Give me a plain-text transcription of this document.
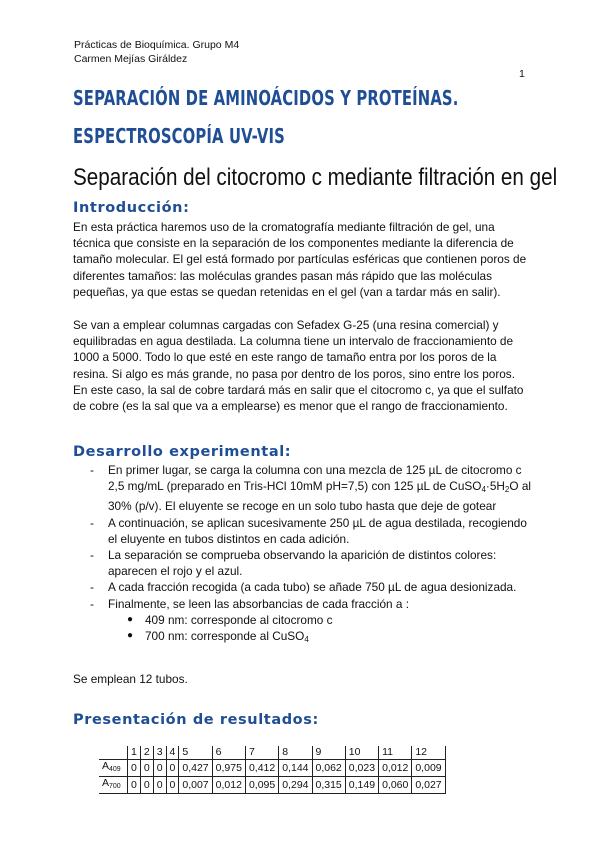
Prácticas de Bioquímica. Grupo M4
Carmen Mejías Giráldez
1
SEPARACIÓN DE AMINOÁCIDOS Y PROTEÍNAS.
ESPECTROSCOPÍA UV-VIS
Separación del citocromo c mediante filtración en gel
Introducción:

En esta práctica haremos uso de la cromatografía mediante filtración de gel, una técnica que consiste en la separación de los componentes mediante la diferencia de tamaño molecular. El gel está formado por partículas esféricas que contienen poros de diferentes tamaños: las moléculas grandes pasan más rápido que las moléculas pequeñas, ya que estas se quedan retenidas en el gel (van a tardar más en salir).

Se van a emplear columnas cargadas con Sefadex G-25 (una resina comercial) y equilibradas en agua destilada. La columna tiene un intervalo de fraccionamiento de 1000 a 5000. Todo lo que esté en este rango de tamaño entra por los poros de la resina. Si algo es más grande, no pasa por dentro de los poros, sino entre los poros. En este caso, la sal de cobre tardará más en salir que el citocromo c, ya que el sulfato de cobre (es la sal que va a emplearse) es menor que el rango de fraccionamiento.

Desarrollo experimental:
- En primer lugar, se carga la columna con una mezcla de 125 µL de citocromo c 2,5 mg/mL (preparado en Tris-HCl 10mM pH=7,5) con 125 µL de $CuSO_4\cdot 5H_2O$ al 30% (p/v). El eluyente se recoge en un solo tubo hasta que deje de gotear
- A continuación, se aplican sucesivamente 250 µL de agua destilada, recogiendo el eluyente en tubos distintos en cada adición.
- La separación se comprueba observando la aparición de distintos colores: aparecen el rojo y el azul.
- A cada fracción recogida (a cada tubo) se añade 750 µL de agua desionizada.
- Finalmente, se leen las absorbancias de cada fracción a :
● 409 nm: corresponde al citocromo c
● 700 nm: corresponde al CuSO$_4$
Se emplean 12 tubos.
Presentación de resultados:
	1	2	3	4	5	6	7	8	9	10	11	12
A409	0	0	0	0	0,427	0,975	0,412	0,144	0,062	0,023	0,012	0,009
A700	0	0	0	0	0,007	0,012	0,095	0,294	0,315	0,149	0,060	0,027
